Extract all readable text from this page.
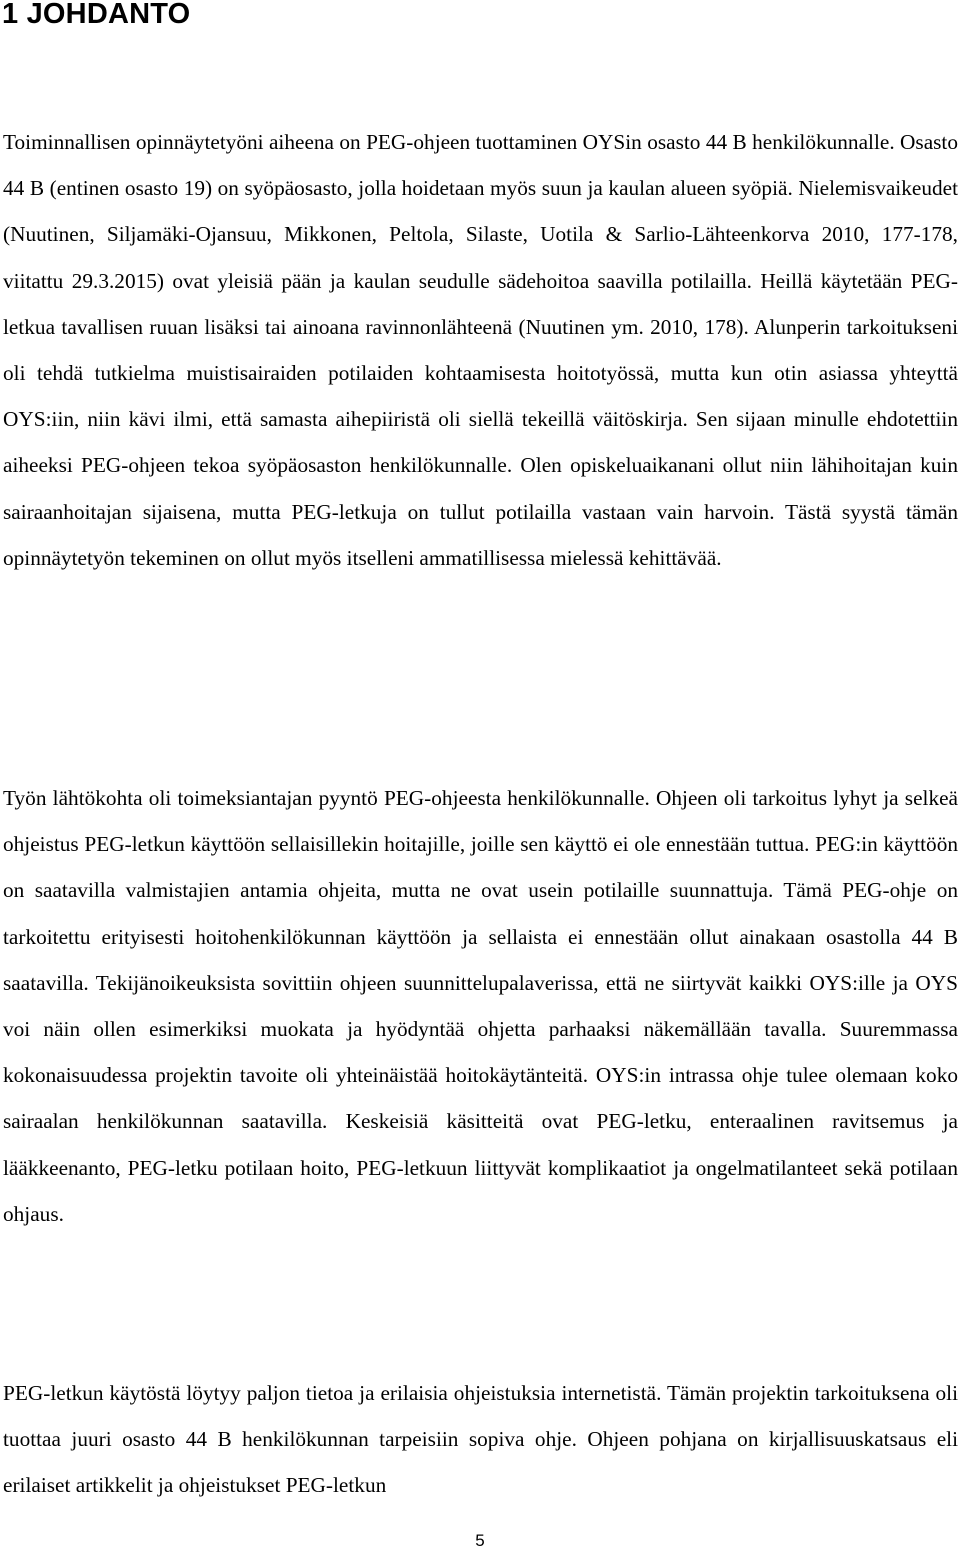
1 JOHDANTO

Toiminnallisen opinnäytetyöni aiheena on PEG-ohjeen tuottaminen OYSin osasto 44 B henkilökunnalle. Osasto 44 B (entinen osasto 19) on syöpäosasto, jolla hoidetaan myös suun ja kaulan alueen syöpiä. Nielemisvaikeudet (Nuutinen, Siljamäki-Ojansuu, Mikkonen, Peltola, Silaste, Uotila & Sarlio-Lähteenkorva 2010, 177-178, viitattu 29.3.2015) ovat yleisiä pään ja kaulan seudulle sädehoitoa saavilla potilailla. Heillä käytetään PEG-letkua tavallisen ruuan lisäksi tai ainoana ravinnonlähteenä (Nuutinen ym. 2010, 178). Alunperin tarkoitukseni oli tehdä tutkielma muistisairaiden potilaiden kohtaamisesta hoitotyössä, mutta kun otin asiassa yhteyttä OYS:iin, niin kävi ilmi, että samasta aihepiiristä oli siellä tekeillä väitöskirja. Sen sijaan minulle ehdotettiin aiheeksi PEG-ohjeen tekoa syöpäosaston henkilökunnalle. Olen opiskeluaikanani ollut niin lähihoitajan kuin sairaanhoitajan sijaisena, mutta PEG-letkuja on tullut potilailla vastaan vain harvoin. Tästä syystä tämän opinnäytetyön tekeminen on ollut myös itselleni ammatillisessa mielessä kehittävää.

Työn lähtökohta oli toimeksiantajan pyyntö PEG-ohjeesta henkilökunnalle. Ohjeen oli tarkoitus lyhyt ja selkeä ohjeistus PEG-letkun käyttöön sellaisillekin hoitajille, joille sen käyttö ei ole ennestään tuttua. PEG:in käyttöön on saatavilla valmistajien antamia ohjeita, mutta ne ovat usein potilaille suunnattuja. Tämä PEG-ohje on tarkoitettu erityisesti hoitohenkilökunnan käyttöön ja sellaista ei ennestään ollut ainakaan osastolla 44 B saatavilla. Tekijänoikeuksista sovittiin ohjeen suunnittelupalaverissa, että ne siirtyvät kaikki OYS:ille ja OYS voi näin ollen esimerkiksi muokata ja hyödyntää ohjetta parhaaksi näkemällään tavalla. Suuremmassa kokonaisuudessa projektin tavoite oli yhteinäistää hoitokäytänteitä. OYS:in intrassa ohje tulee olemaan koko sairaalan henkilökunnan saatavilla. Keskeisiä käsitteitä ovat PEG-letku, enteraalinen ravitsemus ja lääkkeenanto, PEG-letku potilaan hoito, PEG-letkuun liittyvät komplikaatiot ja ongelmatilanteet sekä potilaan ohjaus.

PEG-letkun käytöstä löytyy paljon tietoa ja erilaisia ohjeistuksia internetistä. Tämän projektin tarkoituksena oli tuottaa juuri osasto 44 B henkilökunnan tarpeisiin sopiva ohje. Ohjeen pohjana on kirjallisuuskatsaus eli erilaiset artikkelit ja ohjeistukset PEG-letkun

5
